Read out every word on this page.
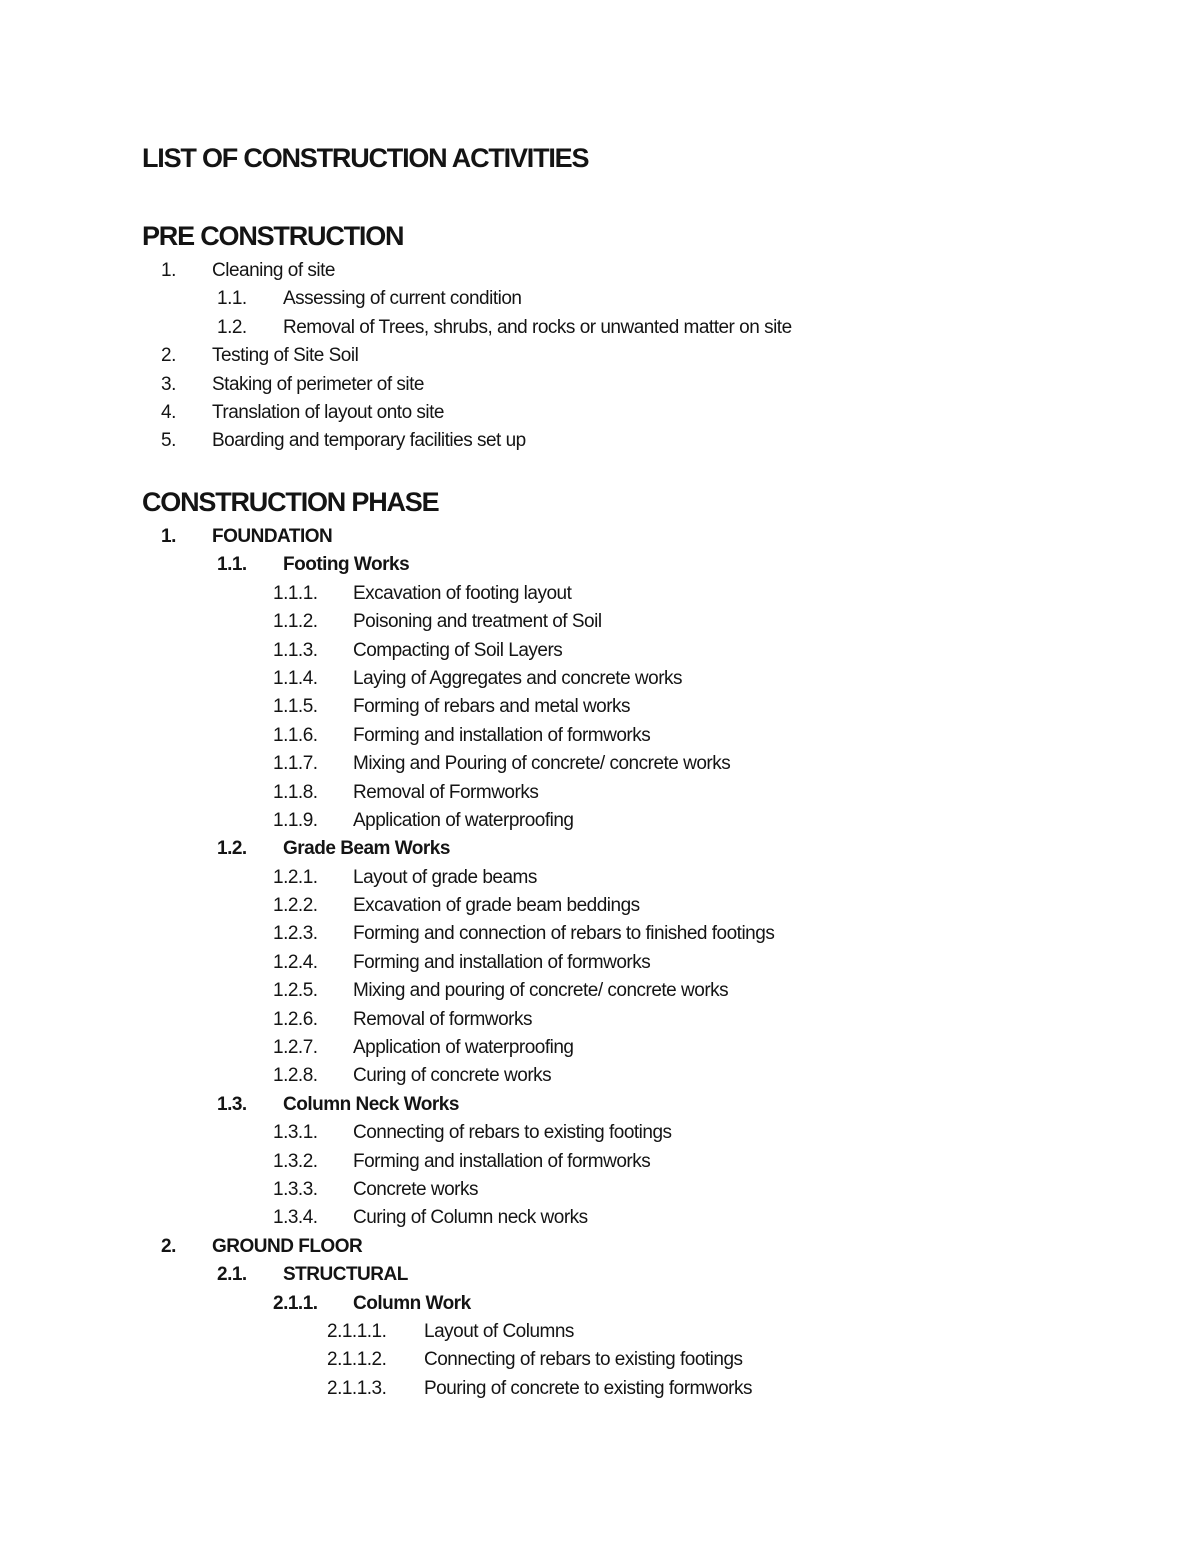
LIST OF CONSTRUCTION ACTIVITIES
PRE CONSTRUCTION
1. Cleaning of site
1.1. Assessing of current condition
1.2. Removal of Trees, shrubs, and rocks or unwanted matter on site
2. Testing of Site Soil
3. Staking of perimeter of site
4. Translation of layout onto site
5. Boarding and temporary facilities set up
CONSTRUCTION PHASE
1. FOUNDATION
1.1. Footing Works
1.1.1. Excavation of footing layout
1.1.2. Poisoning and treatment of Soil
1.1.3. Compacting of Soil Layers
1.1.4. Laying of Aggregates and concrete works
1.1.5. Forming of rebars and metal works
1.1.6. Forming and installation of formworks
1.1.7. Mixing and Pouring of concrete/ concrete works
1.1.8. Removal of Formworks
1.1.9. Application of waterproofing
1.2. Grade Beam Works
1.2.1. Layout of grade beams
1.2.2. Excavation of grade beam beddings
1.2.3. Forming and connection of rebars to finished footings
1.2.4. Forming and installation of formworks
1.2.5. Mixing and pouring of concrete/ concrete works
1.2.6. Removal of formworks
1.2.7. Application of waterproofing
1.2.8. Curing of concrete works
1.3. Column Neck Works
1.3.1. Connecting of rebars to existing footings
1.3.2. Forming and installation of formworks
1.3.3. Concrete works
1.3.4. Curing of Column neck works
2. GROUND FLOOR
2.1. STRUCTURAL
2.1.1. Column Work
2.1.1.1. Layout of Columns
2.1.1.2. Connecting of rebars to existing footings
2.1.1.3. Pouring of concrete to existing formworks
